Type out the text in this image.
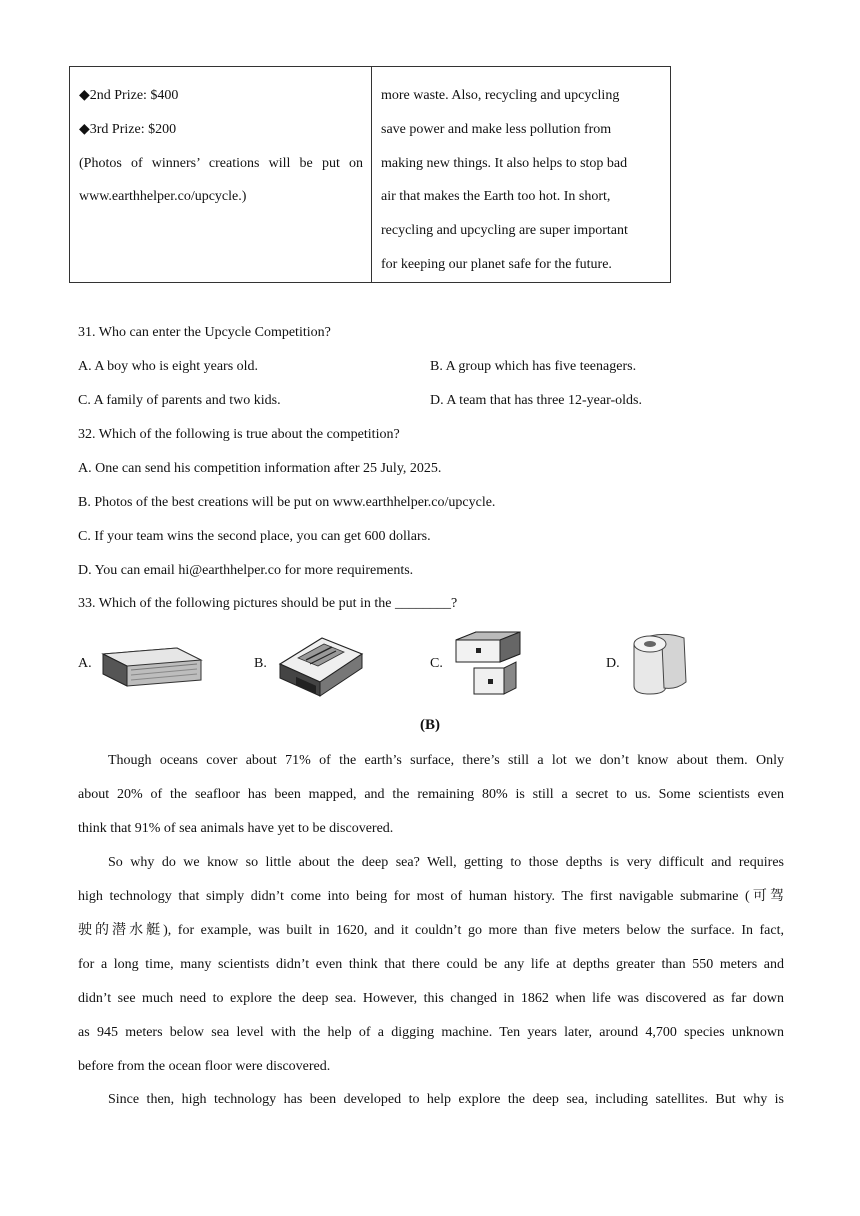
◆2nd Prize: $400
◆3rd Prize: $200
(Photos of winners’ creations will be put on
www.earthhelper.co/upcycle.)

more waste. Also, recycling and upcycling
save power and make less pollution from
making new things. It also helps to stop bad
air that makes the Earth too hot. In short,
recycling and upcycling are super important
for keeping our planet safe for the future.
31. Who can enter the Upcycle Competition?
A. A boy who is eight years old.	B. A group which has five teenagers.
C. A family of parents and two kids.	D. A team that has three 12-year-olds.
32. Which of the following is true about the competition?
A. One can send his competition information after 25 July, 2025.
B. Photos of the best creations will be put on www.earthhelper.co/upcycle.
C. If your team wins the second place, you can get 600 dollars.
D. You can email hi@earthhelper.co for more requirements.
33. Which of the following pictures should be put in the ________?
A.	B.	C.	D.
(B)
Though oceans cover about 71% of the earth’s surface, there’s still a lot we don’t know about them. Only
about 20% of the seafloor has been mapped, and the remaining 80% is still a secret to us. Some scientists even
think that 91% of sea animals have yet to be discovered.
So why do we know so little about the deep sea? Well, getting to those depths is very difficult and requires
high technology that simply didn’t come into being for most of human history. The first navigable submarine (可驾
驶的潜水艇), for example, was built in 1620, and it couldn’t go more than five meters below the surface. In fact,
for a long time, many scientists didn’t even think that there could be any life at depths greater than 550 meters and
didn’t see much need to explore the deep sea. However, this changed in 1862 when life was discovered as far down
as 945 meters below sea level with the help of a digging machine. Ten years later, around 4,700 species unknown
before from the ocean floor were discovered.
Since then, high technology has been developed to help explore the deep sea, including satellites. But why is
